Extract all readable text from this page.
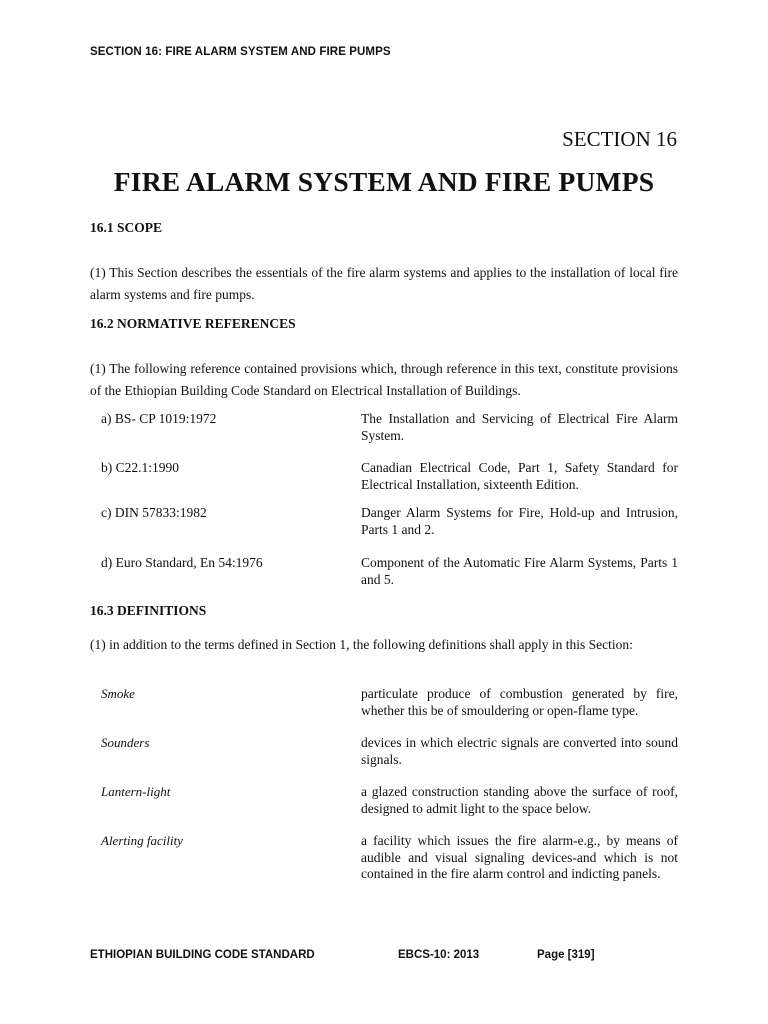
SECTION 16: FIRE ALARM SYSTEM AND FIRE PUMPS
SECTION 16
FIRE ALARM SYSTEM AND FIRE PUMPS
16.1 SCOPE
(1) This Section describes the essentials of the fire alarm systems and applies to the installation of local fire alarm systems and fire pumps.
16.2 NORMATIVE REFERENCES
(1) The following reference contained provisions which, through reference in this text, constitute provisions of the Ethiopian Building Code Standard on Electrical Installation of Buildings.
a) BS- CP 1019:1972	The Installation and Servicing of Electrical Fire Alarm System.
b) C22.1:1990	Canadian Electrical Code, Part 1, Safety Standard for Electrical Installation, sixteenth Edition.
c) DIN 57833:1982	Danger Alarm Systems for Fire, Hold-up and Intrusion, Parts 1 and 2.
d) Euro Standard, En 54:1976	Component of the Automatic Fire Alarm Systems, Parts 1 and 5.
16.3 DEFINITIONS
(1) in addition to the terms defined in Section 1, the following definitions shall apply in this Section:
Smoke	particulate produce of combustion generated by fire, whether this be of smouldering or open-flame type.
Sounders	devices in which electric signals are converted into sound signals.
Lantern-light	a glazed construction standing above the surface of roof, designed to admit light to the space below.
Alerting facility	a facility which issues the fire alarm-e.g., by means of audible and visual signaling devices-and which is not contained in the fire alarm control and indicting panels.
ETHIOPIAN BUILDING CODE STANDARD	EBCS-10: 2013	Page [319]
